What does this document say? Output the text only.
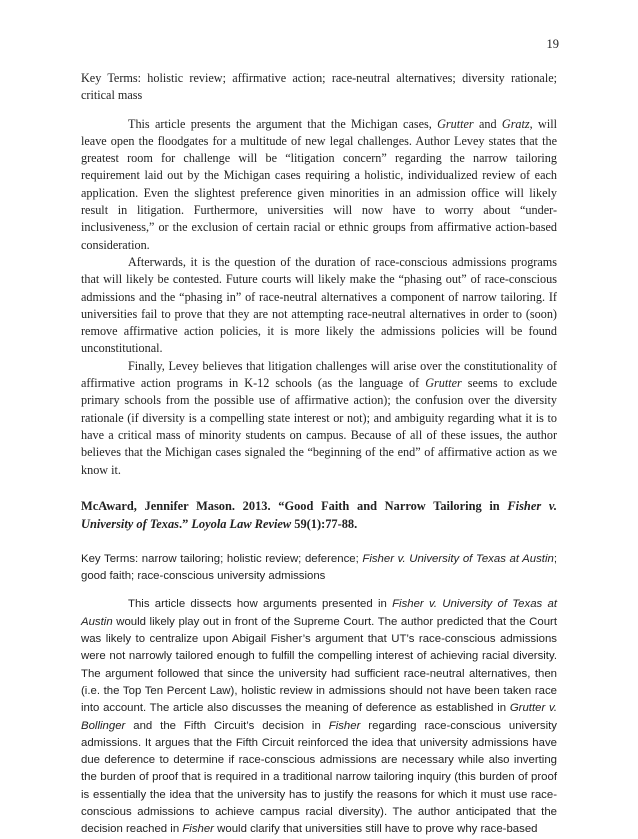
19

Key Terms: holistic review; affirmative action; race-neutral alternatives; diversity rationale; critical mass

This article presents the argument that the Michigan cases, Grutter and Gratz, will leave open the floodgates for a multitude of new legal challenges. Author Levey states that the greatest room for challenge will be “litigation concern” regarding the narrow tailoring requirement laid out by the Michigan cases requiring a holistic, individualized review of each application. Even the slightest preference given minorities in an admission office will likely result in litigation. Furthermore, universities will now have to worry about “under-inclusiveness,” or the exclusion of certain racial or ethnic groups from affirmative action-based consideration.

Afterwards, it is the question of the duration of race-conscious admissions programs that will likely be contested. Future courts will likely make the “phasing out” of race-conscious admissions and the “phasing in” of race-neutral alternatives a component of narrow tailoring. If universities fail to prove that they are not attempting race-neutral alternatives in order to (soon) remove affirmative action policies, it is more likely the admissions policies will be found unconstitutional.

Finally, Levey believes that litigation challenges will arise over the constitutionality of affirmative action programs in K-12 schools (as the language of Grutter seems to exclude primary schools from the possible use of affirmative action); the confusion over the diversity rationale (if diversity is a compelling state interest or not); and ambiguity regarding what it is to have a critical mass of minority students on campus. Because of all of these issues, the author believes that the Michigan cases signaled the “beginning of the end” of affirmative action as we know it.

McAward, Jennifer Mason. 2013. “Good Faith and Narrow Tailoring in Fisher v. University of Texas.” Loyola Law Review 59(1):77-88.

Key Terms: narrow tailoring; holistic review; deference; Fisher v. University of Texas at Austin; good faith; race-conscious university admissions

This article dissects how arguments presented in Fisher v. University of Texas at Austin would likely play out in front of the Supreme Court. The author predicted that the Court was likely to centralize upon Abigail Fisher’s argument that UT’s race-conscious admissions were not narrowly tailored enough to fulfill the compelling interest of achieving racial diversity. The argument followed that since the university had sufficient race-neutral alternatives, then (i.e. the Top Ten Percent Law), holistic review in admissions should not have been taken race into account. The article also discusses the meaning of deference as established in Grutter v. Bollinger and the Fifth Circuit’s decision in Fisher regarding race-conscious university admissions. It argues that the Fifth Circuit reinforced the idea that university admissions have due deference to determine if race-conscious admissions are necessary while also inverting the burden of proof that is required in a traditional narrow tailoring inquiry (this burden of proof is essentially the idea that the university has to justify the reasons for which it must use race-conscious admissions to achieve campus racial diversity). The author anticipated that the decision reached in Fisher would clarify that universities still have to prove why race-based
